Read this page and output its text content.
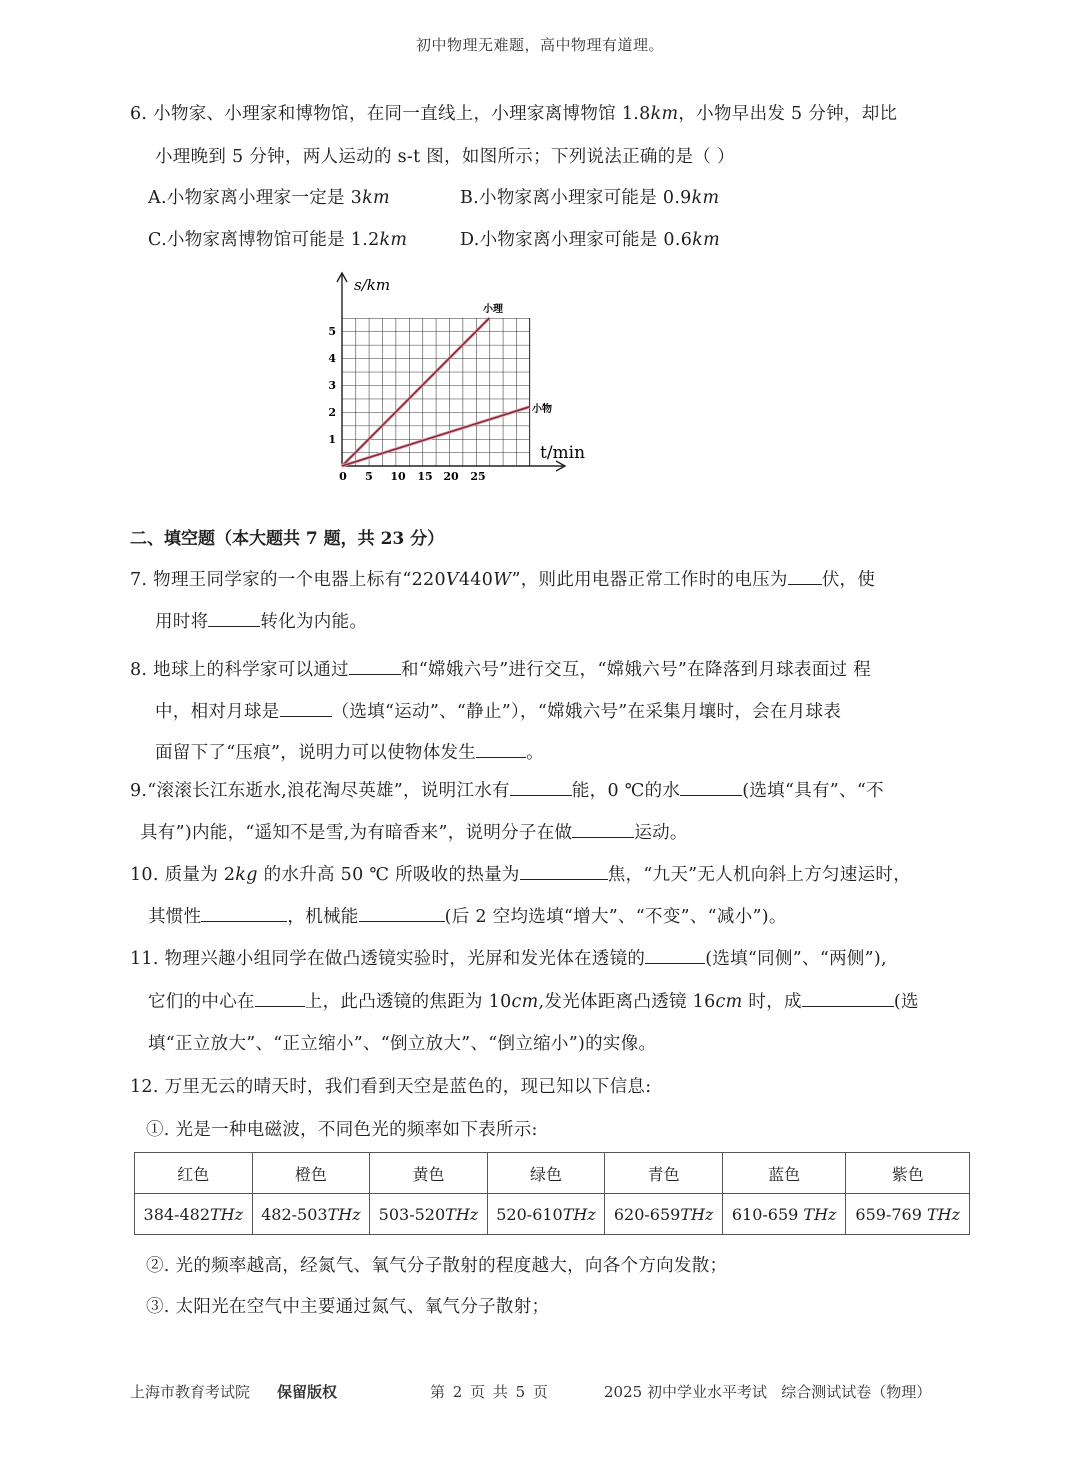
初中物理无难题，高中物理有道理。
6. 小物家、小理家和博物馆，在同一直线上，小理家离博物馆 1.8km，小物早出发 5 分钟，却比
小理晚到 5 分钟，两人运动的 s-t 图，如图所示；下列说法正确的是（ ）
A.小物家离小理家一定是 3km	B.小物家离小理家可能是 0.9km
C.小物家离博物馆可能是 1.2km	D.小物家离小理家可能是 0.6km
s/km
t/min
小理
小物
1
2
3
4
5
0 5 10 15 20 25
二、填空题（本大题共 7 题，共 23 分）
7. 物理王同学家的一个电器上标有“220V440W”，则此用电器正常工作时的电压为 伏，使
用时将	转化为内能。
8. 地球上的科学家可以通过	和“嫦娥六号”进行交互，“嫦娥六号”在降落到月球表面过 程
中，相对月球是	（选填“运动”、“静止”），“嫦娥六号”在采集月壤时，会在月球表
面留下了“压痕”，说明力可以使物体发生	。
9.“滚滚长江东逝水,浪花淘尽英雄”，说明江水有	能，0 ℃的水	(选填“具有”、“不
具有”)内能，“遥知不是雪,为有暗香来”，说明分子在做	运动。
10. 质量为 2kg 的水升高 50 ℃ 所吸收的热量为	焦，“九天”无人机向斜上方匀速运时，
其惯性	，机械能	(后 2 空均选填“增大”、“不变”、“减小”)。
11. 物理兴趣小组同学在做凸透镜实验时，光屏和发光体在透镜的	(选填“同侧”、“两侧”),
它们的中心在	上，此凸透镜的焦距为 10cm,发光体距离凸透镜 16cm 时，成	(选
填“正立放大”、“正立缩小”、“倒立放大”、“倒立缩小”)的实像。
12. 万里无云的晴天时，我们看到天空是蓝色的，现已知以下信息:
①. 光是一种电磁波，不同色光的频率如下表所示:
红色	橙色	黄色	绿色	青色	蓝色	紫色
384-482THz	482-503THz	503-520THz	520-610THz	620-659THz	610-659 THz	659-769 THz
②. 光的频率越高，经氮气、氧气分子散射的程度越大，向各个方向发散；
③. 太阳光在空气中主要通过氮气、氧气分子散射；
上海市教育考试院 保留版权	第 2 页 共 5 页	2025 初中学业水平考试   综合测试试卷（物理）
